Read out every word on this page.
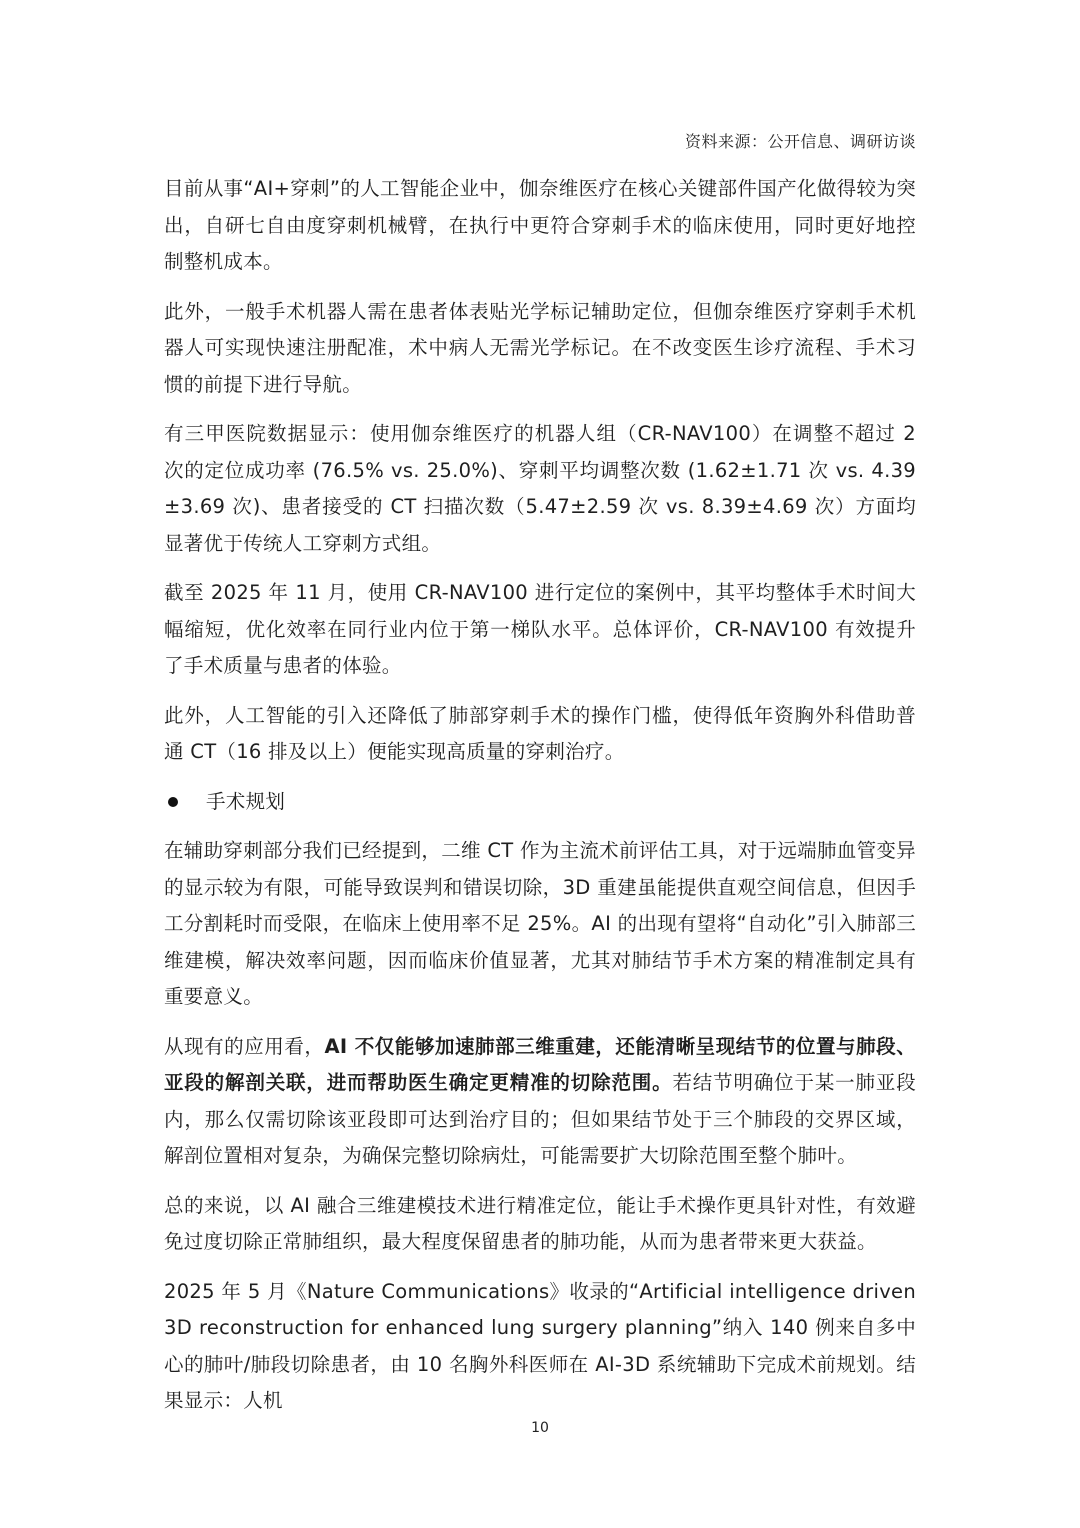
资料来源：公开信息、调研访谈

目前从事“AI+穿刺”的人工智能企业中，伽奈维医疗在核心关键部件国产化做得较为突出，自研七自由度穿刺机械臂，在执行中更符合穿刺手术的临床使用，同时更好地控制整机成本。

此外，一般手术机器人需在患者体表贴光学标记辅助定位，但伽奈维医疗穿刺手术机器人可实现快速注册配准，术中病人无需光学标记。在不改变医生诊疗流程、手术习惯的前提下进行导航。

有三甲医院数据显示：使用伽奈维医疗的机器人组（CR-NAV100）在调整不超过 2 次的定位成功率 (76.5% vs. 25.0%)、穿刺平均调整次数 (1.62±1.71 次 vs. 4.39±3.69 次)、患者接受的 CT 扫描次数（5.47±2.59 次 vs. 8.39±4.69 次）方面均显著优于传统人工穿刺方式组。

截至 2025 年 11 月，使用 CR-NAV100 进行定位的案例中，其平均整体手术时间大幅缩短，优化效率在同行业内位于第一梯队水平。总体评价，CR-NAV100 有效提升了手术质量与患者的体验。

此外，人工智能的引入还降低了肺部穿刺手术的操作门槛，使得低年资胸外科借助普通 CT（16 排及以上）便能实现高质量的穿刺治疗。

手术规划

在辅助穿刺部分我们已经提到，二维 CT 作为主流术前评估工具，对于远端肺血管变异的显示较为有限，可能导致误判和错误切除，3D 重建虽能提供直观空间信息，但因手工分割耗时而受限，在临床上使用率不足 25%。AI 的出现有望将“自动化”引入肺部三维建模，解决效率问题，因而临床价值显著，尤其对肺结节手术方案的精准制定具有重要意义。

从现有的应用看，AI 不仅能够加速肺部三维重建，还能清晰呈现结节的位置与肺段、亚段的解剖关联，进而帮助医生确定更精准的切除范围。若结节明确位于某一肺亚段内，那么仅需切除该亚段即可达到治疗目的；但如果结节处于三个肺段的交界区域，解剖位置相对复杂，为确保完整切除病灶，可能需要扩大切除范围至整个肺叶。

总的来说，以 AI 融合三维建模技术进行精准定位，能让手术操作更具针对性，有效避免过度切除正常肺组织，最大程度保留患者的肺功能，从而为患者带来更大获益。

2025 年 5 月《Nature Communications》收录的“Artificial intelligence driven 3D reconstruction for enhanced lung surgery planning”纳入 140 例来自多中心的肺叶/肺段切除患者，由 10 名胸外科医师在 AI-3D 系统辅助下完成术前规划。结果显示：人机

10
